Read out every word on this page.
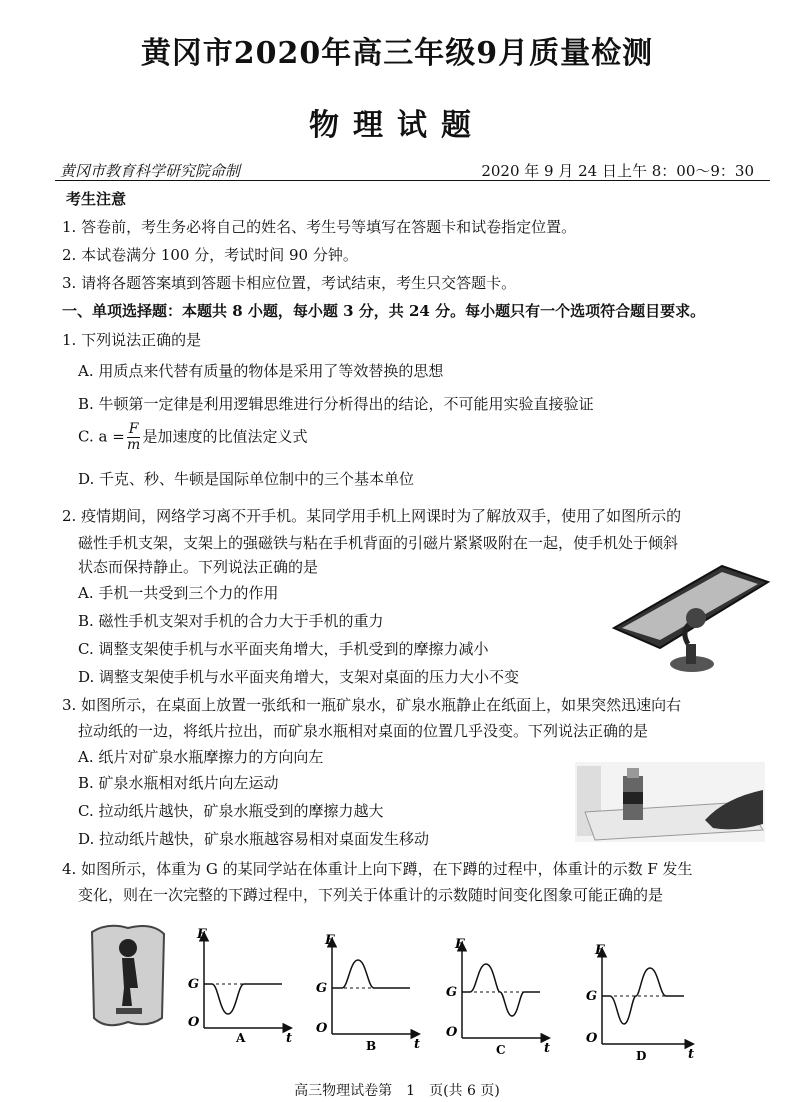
黄冈市2020年高三年级9月质量检测
物理试题
黄冈市教育科学研究院命制	2020 年 9 月 24 日上午 8：00～9：30
考生注意
1. 答卷前，考生务必将自己的姓名、考生号等填写在答题卡和试卷指定位置。
2. 本试卷满分 100 分，考试时间 90 分钟。
3. 请将各题答案填到答题卡相应位置，考试结束，考生只交答题卡。
一、单项选择题：本题共 8 小题，每小题 3 分，共 24 分。每小题只有一个选项符合题目要求。
1. 下列说法正确的是
A. 用质点来代替有质量的物体是采用了等效替换的思想
B. 牛顿第一定律是利用逻辑思维进行分析得出的结论，不可能用实验直接验证
C. $a = \frac{F}{m}$ 是加速度的比值法定义式
D. 千克、秒、牛顿是国际单位制中的三个基本单位
2. 疫情期间，网络学习离不开手机。某同学用手机上网课时为了解放双手，使用了如图所示的
磁性手机支架，支架上的强磁铁与粘在手机背面的引磁片紧紧吸附在一起，使手机处于倾斜
状态而保持静止。下列说法正确的是
A. 手机一共受到三个力的作用
B. 磁性手机支架对手机的合力大于手机的重力
C. 调整支架使手机与水平面夹角增大，手机受到的摩擦力减小
D. 调整支架使手机与水平面夹角增大，支架对桌面的压力大小不变
3. 如图所示，在桌面上放置一张纸和一瓶矿泉水，矿泉水瓶静止在纸面上，如果突然迅速向右
拉动纸的一边，将纸片拉出，而矿泉水瓶相对桌面的位置几乎没变。下列说法正确的是
A. 纸片对矿泉水瓶摩擦力的方向向左
B. 矿泉水瓶相对纸片向左运动
C. 拉动纸片越快，矿泉水瓶受到的摩擦力越大
D. 拉动纸片越快，矿泉水瓶越容易相对桌面发生移动
4. 如图所示，体重为 G 的某同学站在体重计上向下蹲，在下蹲的过程中，体重计的示数 F 发生
变化，则在一次完整的下蹲过程中，下列关于体重计的示数随时间变化图象可能正确的是
F
G
O
t
A
F
G
O
t
B
F
G
O
t
C
F
G
O
t
D
高三物理试卷第　1　页(共 6 页)
